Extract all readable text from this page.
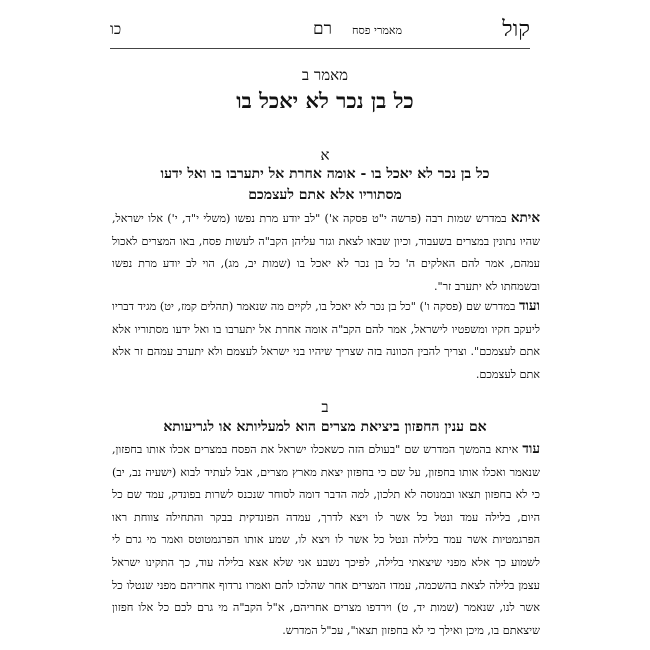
קול
מאמרי פסח
רם
כו
מאמר ב
כל בן נכר לא יאכל בו
א
כל בן נכר לא יאכל בו - אומה אחרת אל יתערבו בו ואל ידעו
מסתוריו אלא אתם לעצמכם
איתא במדרש שמות רבה (פרשה י"ט פסקה א') "לב יודע מרת נפשו (משלי י"ד, י') אלו ישראל, שהיו נתונין במצרים בשעבוד, וכיון שבאו לצאת וגזר עליהן הקב"ה לעשות פסח, באו המצרים לאכול עמהם, אמר להם האלקים ה' כל בן נכר לא יאכל בו (שמות יב, מג), הוי לב יודע מרת נפשו ובשמחתו לא יתערב זר".
ועוד במדרש שם (פסקה ו') "כל בן נכר לא יאכל בו, לקיים מה שנאמר (תהלים קמז, יט) מגיד דבריו ליעקב חקיו ומשפטיו לישראל, אמר להם הקב"ה אומה אחרת אל יתערבו בו ואל ידעו מסתוריו אלא אתם לעצמכם". וצריך להבין הכוונה בזה שצריך שיהיו בני ישראל לעצמם ולא יתערב עמהם זר אלא אתם לעצמכם.
ב
אם ענין החפזון ביציאת מצרים הוא למעליותא או לגריעותא
עוד איתא בהמשך המדרש שם "בעולם הזה כשאכלו ישראל את הפסח במצרים אכלו אותו בחפזון, שנאמר ואכלו אותו בחפזון, על שם כי בחפזון יצאת מארץ מצרים, אבל לעתיד לבוא (ישעיה נב, יב) כי לא בחפזון תצאו ובמנוסה לא תלכון, למה הדבר דומה לסוחר שנכנס לשרות בפונדק, עמד שם כל היום, בלילה עמד ונטל כל אשר לו ויצא לדרך, עמדה הפונדקית בבקר והתחילה צווחת ראו הפרגמטיות אשר עמד בלילה ונטל כל אשר לו ויצא לו, שמע אותו הפרגמטוטס ואמר מי גרם לי לשמוע כך אלא מפני שיצאתי בלילה, לפיכך נשבע אני שלא אצא בלילה עוד, כך התקינו ישראל עצמן בלילה לצאת בהשכמה, עמדו המצרים אחר שהלכו להם ואמרו נרדוף אחריהם מפני שנטלו כל אשר לנו, שנאמר (שמות יד, ט) וירדפו מצרים אחריהם, א"ל הקב"ה מי גרם לכם כל אלו חפזון שיצאתם בו, מיכן ואילך כי לא בחפזון תצאו", עכ"ל המדרש.
